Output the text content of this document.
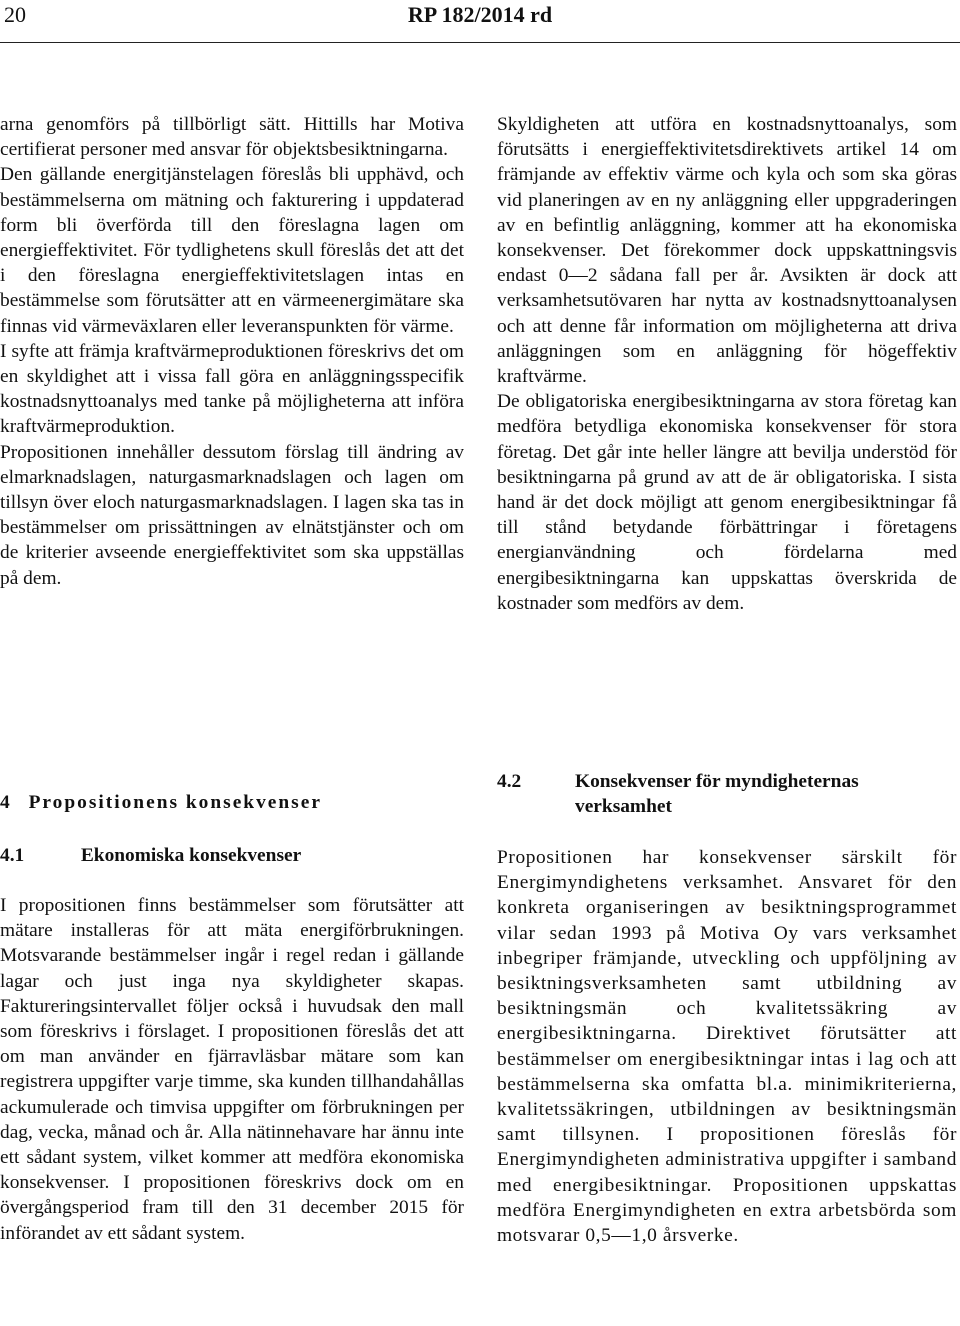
20	RP 182/2014 rd

arna genomförs på tillbörligt sätt. Hittills har Motiva certifierat personer med ansvar för objektsbesiktningarna.

Den gällande energitjänstelagen föreslås bli upphävd, och bestämmelserna om mätning och fakturering i uppdaterad form bli överförda till den föreslagna lagen om energieffektivitet. För tydlighetens skull föreslås det att det i den föreslagna energieffektivitetslagen intas en bestämmelse som förutsätter att en värmeenergimätare ska finnas vid värmeväxlaren eller leveranspunkten för värme.

I syfte att främja kraftvärmeproduktionen föreskrivs det om en skyldighet att i vissa fall göra en anläggningsspecifik kostnadsnyttoanalys med tanke på möjligheterna att införa kraftvärmeproduktion.

Propositionen innehåller dessutom förslag till ändring av elmarknadslagen, naturgasmarknadslagen och lagen om tillsyn över eloch naturgasmarknadslagen. I lagen ska tas in bestämmelser om prissättningen av elnätstjänster och om de kriterier avseende energieffektivitet som ska uppställas på dem.

Skyldigheten att utföra en kostnadsnyttoanalys, som förutsätts i energieffektivitetsdirektivets artikel 14 om främjande av effektiv värme och kyla och som ska göras vid planeringen av en ny anläggning eller uppgraderingen av en befintlig anläggning, kommer att ha ekonomiska konsekvenser. Det förekommer dock uppskattningsvis endast 0—2 sådana fall per år. Avsikten är dock att verksamhetsutövaren har nytta av kostnadsnyttoanalysen och att denne får information om möjligheterna att driva anläggningen som en anläggning för högeffektiv kraftvärme.

De obligatoriska energibesiktningarna av stora företag kan medföra betydliga ekonomiska konsekvenser för stora företag. Det går inte heller längre att bevilja understöd för besiktningarna på grund av att de är obligatoriska. I sista hand är det dock möjligt att genom energibesiktningar få till stånd betydande förbättringar i företagens energianvändning och fördelarna med energibesiktningarna kan uppskattas överskrida de kostnader som medförs av dem.

4 Propositionens konsekvenser
4.1	Ekonomiska konsekvenser

I propositionen finns bestämmelser som förutsätter att mätare installeras för att mäta energiförbrukningen. Motsvarande bestämmelser ingår i regel redan i gällande lagar och just inga nya skyldigheter skapas. Faktureringsintervallet följer också i huvudsak den mall som föreskrivs i förslaget. I propositionen föreslås det att om man använder en fjärravläsbar mätare som kan registrera uppgifter varje timme, ska kunden tillhandahållas ackumulerade och timvisa uppgifter om förbrukningen per dag, vecka, månad och år. Alla nätinnehavare har ännu inte ett sådant system, vilket kommer att medföra ekonomiska konsekvenser. I propositionen föreskrivs dock om en övergångsperiod fram till den 31 december 2015 för införandet av ett sådant system.

4.2	Konsekvenser för myndigheternas verksamhet

Propositionen har konsekvenser särskilt för Energimyndighetens verksamhet. Ansvaret för den konkreta organiseringen av besiktningsprogrammet vilar sedan 1993 på Motiva Oy vars verksamhet inbegriper främjande, utveckling och uppföljning av besiktningsverksamheten samt utbildning av besiktningsmän och kvalitetssäkring av energibesiktningarna. Direktivet förutsätter att bestämmelser om energibesiktningar intas i lag och att bestämmelserna ska omfatta bl.a. minimikriterierna, kvalitetssäkringen, utbildningen av besiktningsmän samt tillsynen. I propositionen föreslås för Energimyndigheten administrativa uppgifter i samband med energibesiktningar. Propositionen uppskattas medföra Energimyndigheten en extra arbetsbörda som motsvarar 0,5—1,0 årsverke.
